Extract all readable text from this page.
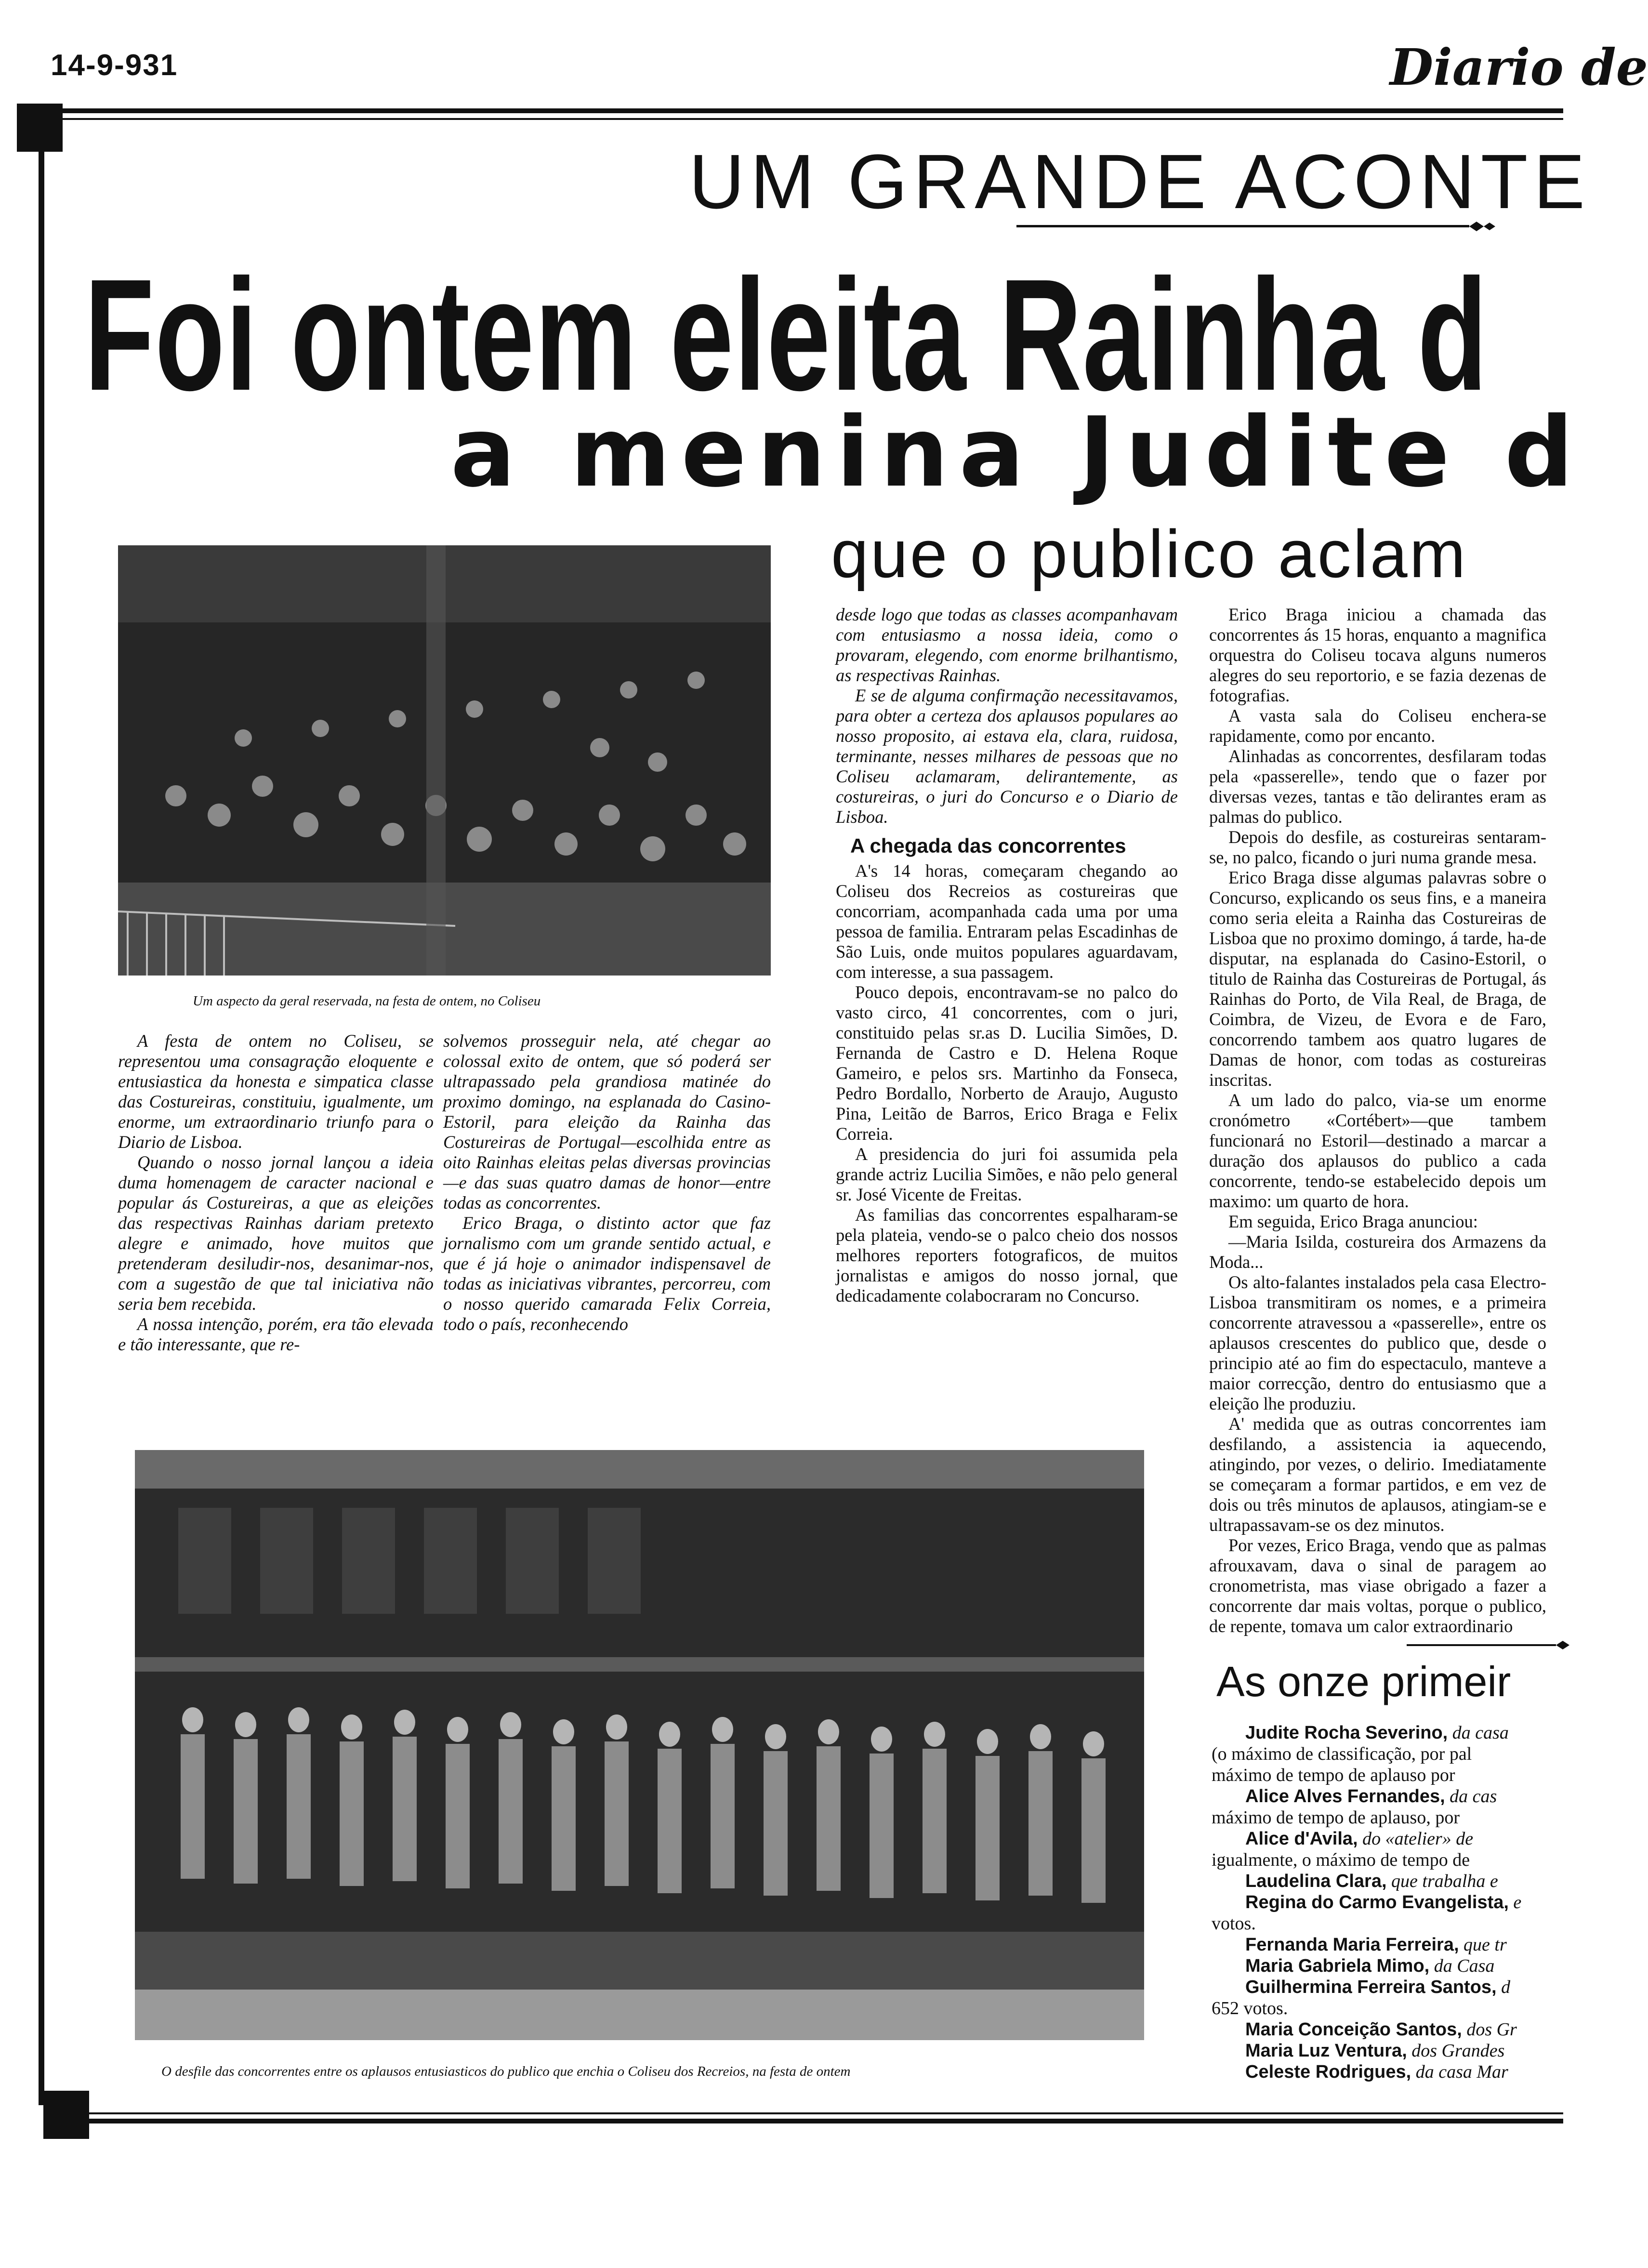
14-9-931	Diario de
UM GRANDE ACONTE
Foi ontem eleita Rainha d
a menina Judite d
que o publico aclam
Um aspecto da geral reservada, na festa de ontem, no Coliseu

A festa de ontem no Coliseu, se representou uma consagração eloquente e entusiastica da honesta e simpatica classe das Costureiras, constituiu, igualmente, um enorme, um extraordinario triunfo para o Diario de Lisboa.

Quando o nosso jornal lançou a ideia duma homenagem de caracter nacional e popular ás Costureiras, a que as eleições das respectivas Rainhas dariam pretexto alegre e animado, hove muitos que pretenderam desiludir-nos, desanimar-nos, com a sugestão de que tal iniciativa não seria bem recebida.

A nossa intenção, porém, era tão elevada e tão interessante, que re-

solvemos prosseguir nela, até chegar ao colossal exito de ontem, que só poderá ser ultrapassado pela grandiosa matinée do proximo domingo, na esplanada do Casino-Estoril, para eleição da Rainha das Costureiras de Portugal—escolhida entre as oito Rainhas eleitas pelas diversas provincias—e das suas quatro damas de honor—entre todas as concorrentes.

Erico Braga, o distinto actor que faz jornalismo com um grande sentido actual, e que é já hoje o animador indispensavel de todas as iniciativas vibrantes, percorreu, com o nosso querido camarada Felix Correia, todo o país, reconhecendo

desde logo que todas as classes acompanhavam com entusiasmo a nossa ideia, como o provaram, elegendo, com enorme brilhantismo, as respectivas Rainhas.

E se de alguma confirmação necessitavamos, para obter a certeza dos aplausos populares ao nosso proposito, ai estava ela, clara, ruidosa, terminante, nesses milhares de pessoas que no Coliseu aclamaram, delirantemente, as costureiras, o juri do Concurso e o Diario de Lisboa.

A chegada das concorrentes

A's 14 horas, começaram chegando ao Coliseu dos Recreios as costureiras que concorriam, acompanhada cada uma por uma pessoa de familia. Entraram pelas Escadinhas de São Luis, onde muitos populares aguardavam, com interesse, a sua passagem.

Pouco depois, encontravam-se no palco do vasto circo, 41 concorrentes, com o juri, constituido pelas sr.as D. Lucilia Simões, D. Fernanda de Castro e D. Helena Roque Gameiro, e pelos srs. Martinho da Fonseca, Pedro Bordallo, Norberto de Araujo, Augusto Pina, Leitão de Barros, Erico Braga e Felix Correia.

A presidencia do juri foi assumida pela grande actriz Lucilia Simões, e não pelo general sr. José Vicente de Freitas.

As familias das concorrentes espalharam-se pela plateia, vendo-se o palco cheio dos nossos melhores reporters fotograficos, de muitos jornalistas e amigos do nosso jornal, que dedicadamente colabocraram no Concurso.

Erico Braga iniciou a chamada das concorrentes ás 15 horas, enquanto a magnifica orquestra do Coliseu tocava alguns numeros alegres do seu reportorio, e se fazia dezenas de fotografias.

A vasta sala do Coliseu enchera-se rapidamente, como por encanto.

Alinhadas as concorrentes, desfilaram todas pela «passerelle», tendo que o fazer por diversas vezes, tantas e tão delirantes eram as palmas do publico.

Depois do desfile, as costureiras sentaram-se, no palco, ficando o juri numa grande mesa.

Erico Braga disse algumas palavras sobre o Concurso, explicando os seus fins, e a maneira como seria eleita a Rainha das Costureiras de Lisboa que no proximo domingo, á tarde, ha-de disputar, na esplanada do Casino-Estoril, o titulo de Rainha das Costureiras de Portugal, ás Rainhas do Porto, de Vila Real, de Braga, de Coimbra, de Vizeu, de Evora e de Faro, concorrendo tambem aos quatro lugares de Damas de honor, com todas as costureiras inscritas.

A um lado do palco, via-se um enorme cronómetro «Cortébert»—que tambem funcionará no Estoril—destinado a marcar a duração dos aplausos do publico a cada concorrente, tendo-se estabelecido depois um maximo: um quarto de hora.

Em seguida, Erico Braga anunciou:

—Maria Isilda, costureira dos Armazens da Moda...

Os alto-falantes instalados pela casa Electro-Lisboa transmitiram os nomes, e a primeira concorrente atravessou a «passerelle», entre os aplausos crescentes do publico que, desde o principio até ao fim do espectaculo, manteve a maior correcção, dentro do entusiasmo que a eleição lhe produziu.

A' medida que as outras concorrentes iam desfilando, a assistencia ia aquecendo, atingindo, por vezes, o delirio. Imediatamente se começaram a formar partidos, e em vez de dois ou três minutos de aplausos, atingiam-se e ultrapassavam-se os dez minutos.

Por vezes, Erico Braga, vendo que as palmas afrouxavam, dava o sinal de paragem ao cronometrista, mas viase obrigado a fazer a concorrente dar mais voltas, porque o publico, de repente, tomava um calor extraordinario

O desfile das concorrentes entre os aplausos entusiasticos do publico que enchia o Coliseu dos Recreios, na festa de ontem
As onze primeir
Judite Rocha Severino, da casa
(o máximo de classificação, por pal
máximo de tempo de aplauso por
Alice Alves Fernandes, da cas
máximo de tempo de aplauso, por
Alice d'Avila, do «atelier» de
igualmente, o máximo de tempo de
Laudelina Clara, que trabalha e
Regina do Carmo Evangelista, e
votos.
Fernanda Maria Ferreira, que tr
Maria Gabriela Mimo, da Casa
Guilhermina Ferreira Santos, d
652 votos.
Maria Conceição Santos, dos Gr
Maria Luz Ventura, dos Grandes
Celeste Rodrigues, da casa Mar
